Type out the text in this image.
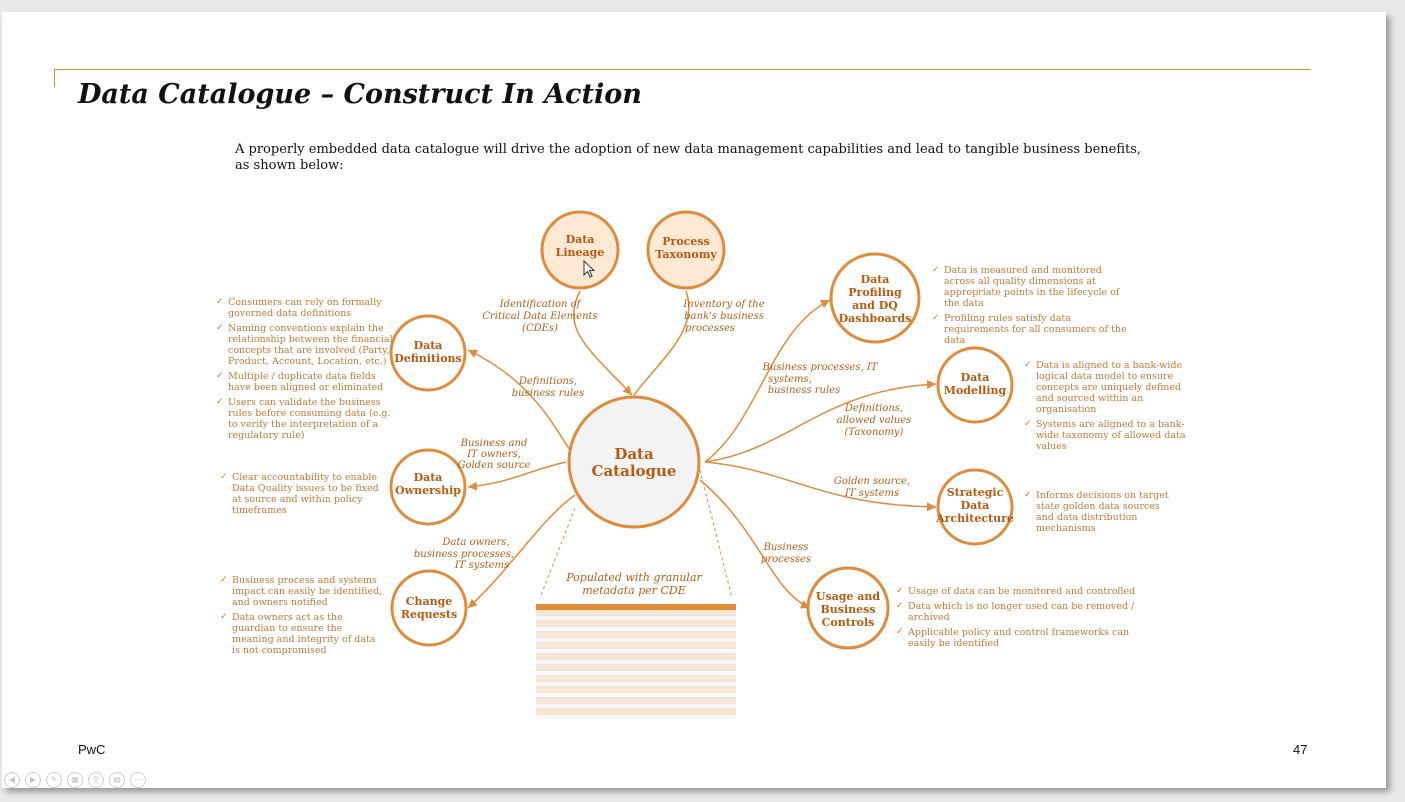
Data Catalogue – Construct In Action
A properly embedded data catalogue will drive the adoption of new data management capabilities and lead to tangible business benefits, as shown below:
Data
Catalogue
Data
Lineage
Process
Taxonomy
Data
Definitions
Data
Ownership
Change
Requests
Data
Profiling
and DQ
Dashboards
Data
Modelling
Strategic
Data
Architecture
Usage and
Business
Controls
Identification of
Critical Data Elements
(CDEs)
Inventory of the
bank's business
processes
Definitions,
business rules
Business and
IT owners,
Golden source
Data owners,
business processes,
IT systems
Business processes, IT
systems,
business rules
Definitions,
allowed values
(Taxonomy)
Golden source,
IT systems
Business
processes
Populated with granular
metadata per CDE
✓ Consumers can rely on formally governed data definitions
✓ Naming conventions explain the relationship between the financial concepts that are involved (Party, Product, Account, Location, etc.)
✓ Multiple / duplicate data fields have been aligned or eliminated
✓ Users can validate the business rules before consuming data (e.g. to verify the interpretation of a regulatory rule)
✓ Clear accountability to enable Data Quality issues to be fixed at source and within policy timeframes
✓ Business process and systems impact can easily be identified, and owners notified
✓ Data owners act as the guardian to ensure the meaning and integrity of data is not compromised
✓ Data is measured and monitored across all quality dimensions at appropriate points in the lifecycle of the data
✓ Profiling rules satisfy data requirements for all consumers of the data
✓ Data is aligned to a bank-wide logical data model to ensure concepts are uniquely defined and sourced within an organisation
✓ Systems are aligned to a bank-wide taxonomy of allowed data values
✓ Informs decisions on target state golden data sources and data distribution mechanisms
✓ Usage of data can be monitored and controlled
✓ Data which is no longer used can be removed / archived
✓ Applicable policy and control frameworks can easily be identified
PwC	47
◀	▶	✎	▦	⚲	▤	⋯
